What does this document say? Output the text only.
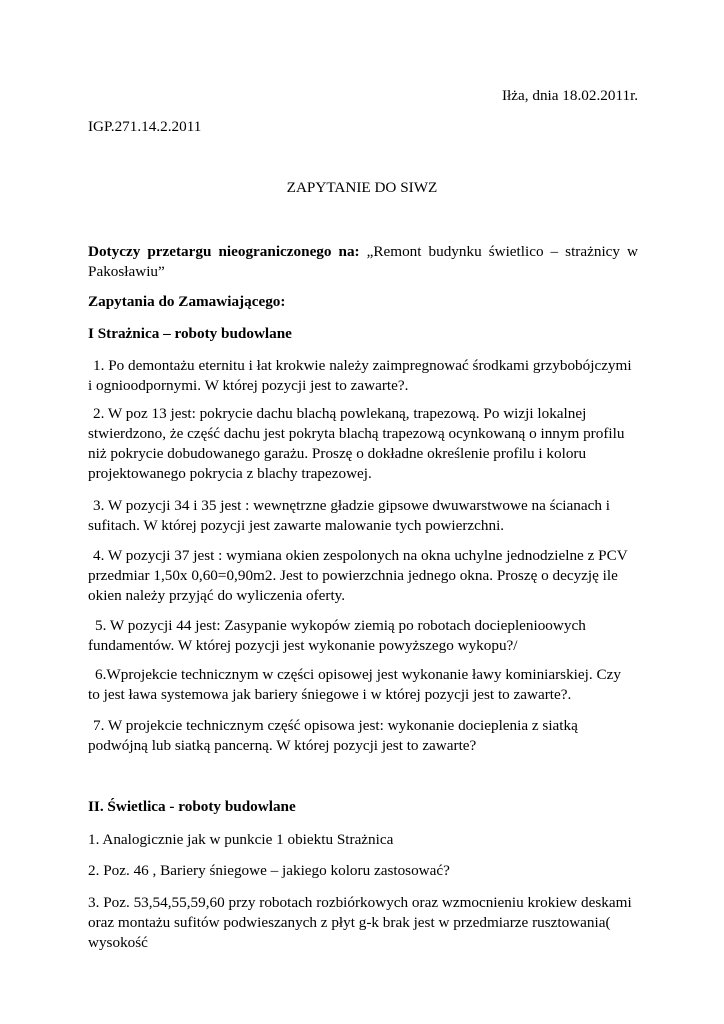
Iłża, dnia 18.02.2011r.
IGP.271.14.2.2011
ZAPYTANIE DO SIWZ
Dotyczy przetargu nieograniczonego na: „Remont budynku świetlico – strażnicy w Pakosławiu”
Zapytania do Zamawiającego:
I Strażnica – roboty budowlane
1. Po demontażu eternitu i łat krokwie należy zaimpregnować środkami grzybobójczymi i ognioodpornymi. W której pozycji jest to zawarte?.
2. W poz 13 jest: pokrycie dachu blachą powlekaną, trapezową. Po wizji lokalnej stwierdzono, że część dachu jest pokryta blachą trapezową ocynkowaną o innym profilu niż pokrycie dobudowanego garażu. Proszę o dokładne określenie profilu i koloru projektowanego pokrycia z blachy trapezowej.
3. W pozycji 34 i 35 jest : wewnętrzne gładzie gipsowe dwuwarstwowe na ścianach i sufitach. W której pozycji jest zawarte malowanie tych powierzchni.
4. W pozycji 37 jest : wymiana okien zespolonych na okna uchylne jednodzielne z PCV przedmiar 1,50x 0,60=0,90m2. Jest to powierzchnia jednego okna. Proszę o decyzję ile okien należy przyjąć do wyliczenia oferty.
5. W pozycji 44 jest: Zasypanie wykopów ziemią po robotach docieplenioowych fundamentów. W której pozycji jest wykonanie powyższego wykopu?/
6.Wprojekcie technicznym w części opisowej jest wykonanie ławy kominiarskiej. Czy to jest ława systemowa jak bariery śniegowe i w której pozycji jest to zawarte?.
7. W projekcie technicznym część opisowa jest: wykonanie docieplenia z siatką podwójną lub siatką pancerną. W której pozycji jest to zawarte?
II. Świetlica - roboty budowlane
1. Analogicznie jak w punkcie 1 obiektu Strażnica
2. Poz. 46 , Bariery śniegowe – jakiego koloru zastosować?
3. Poz. 53,54,55,59,60 przy robotach rozbiórkowych oraz wzmocnieniu krokiew deskami oraz montażu sufitów podwieszanych z płyt g-k brak jest w przedmiarze rusztowania( wysokość
